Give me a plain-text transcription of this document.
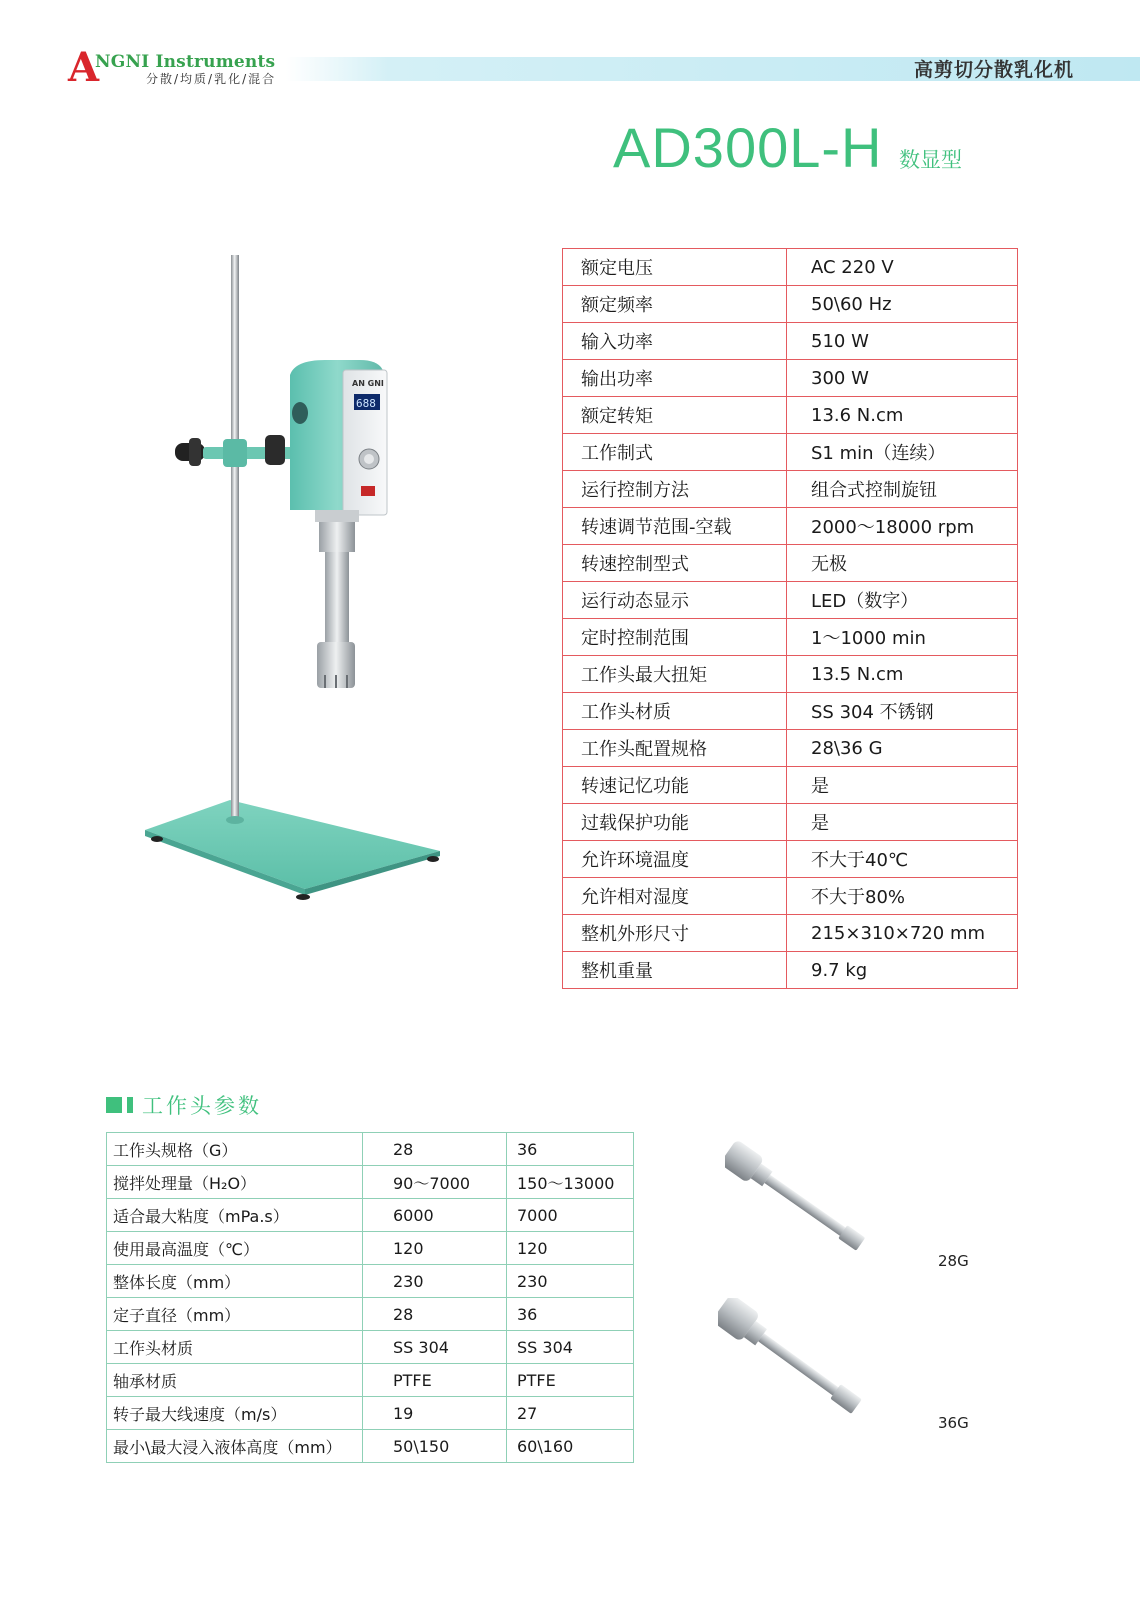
A
NGNI Instruments
分散/均质/乳化/混合	高剪切分散乳化机
AD300L-H 数显型
AN GNI
688
额定电压	AC 220 V
额定频率	50\60 Hz
输入功率	510 W
输出功率	300 W
额定转矩	13.6 N.cm
工作制式	S1 min（连续）
运行控制方法	组合式控制旋钮
转速调节范围-空载	2000～18000 rpm
转速控制型式	无极
运行动态显示	LED（数字）
定时控制范围	1～1000 min
工作头最大扭矩	13.5 N.cm
工作头材质	SS 304 不锈钢
工作头配置规格	28\36 G
转速记忆功能	是
过载保护功能	是
允许环境温度	不大于40℃
允许相对湿度	不大于80%
整机外形尺寸	215×310×720 mm
整机重量	9.7 kg
工作头参数
工作头规格（G）	28	36
搅拌处理量（H₂O）	90～7000	150～13000
适合最大粘度（mPa.s）	6000	7000
使用最高温度（℃）	120	120
整体长度（mm）	230	230
定子直径（mm）	28	36
工作头材质	SS 304	SS 304
轴承材质	PTFE	PTFE
转子最大线速度（m/s）	19	27
最小\最大浸入液体高度（mm）	50\150	60\160
28G
36G
